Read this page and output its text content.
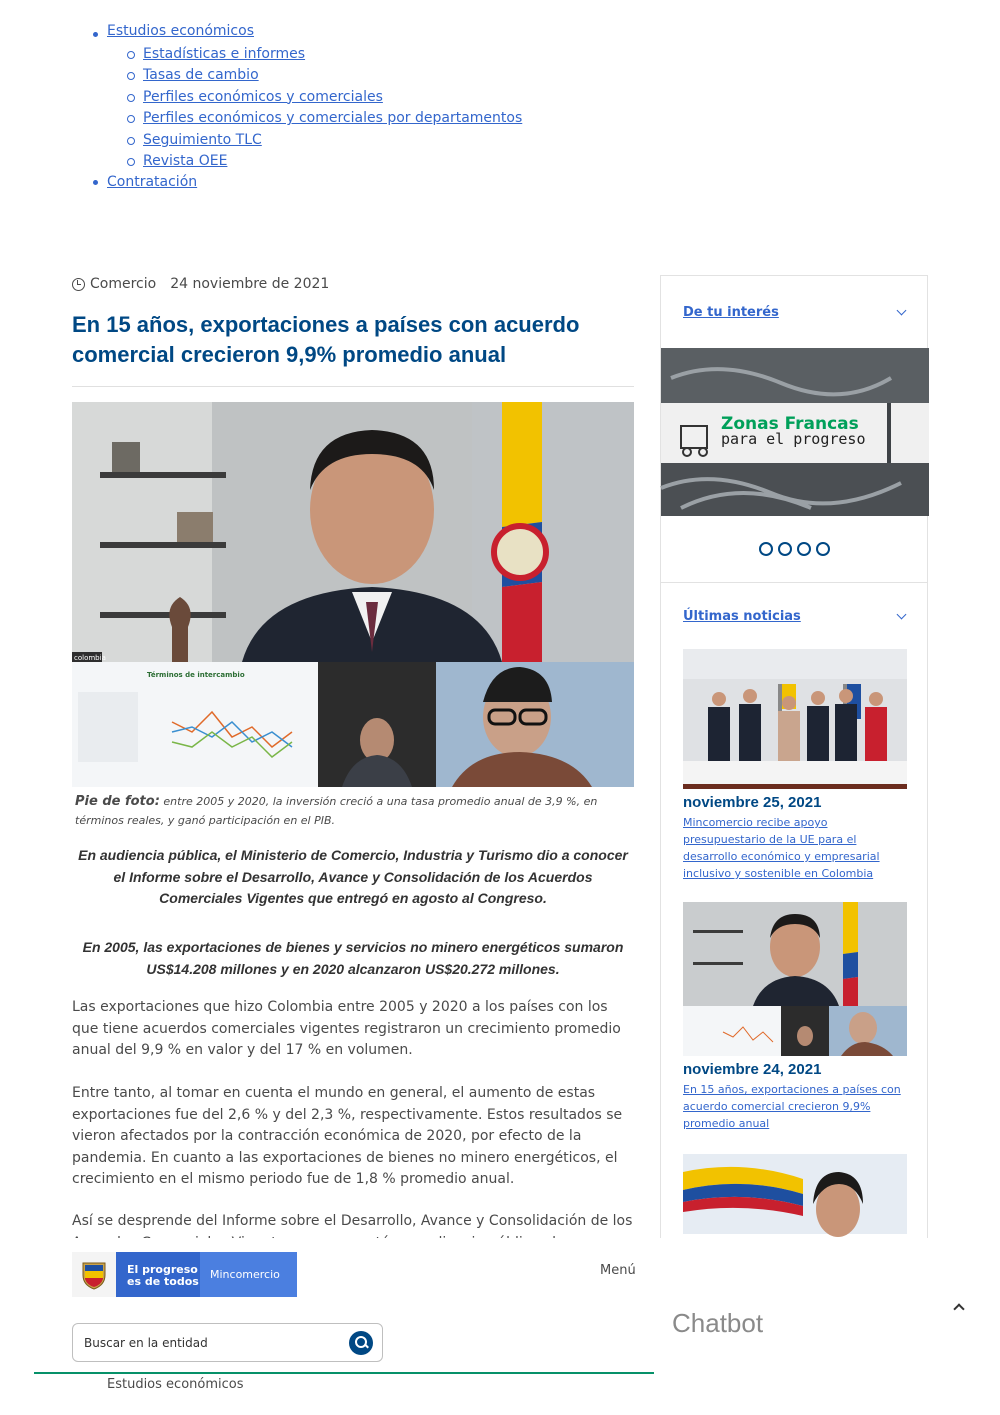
Estudios económicos
Estadísticas e informes
Tasas de cambio
Perfiles económicos y comerciales
Perfiles económicos y comerciales por departamentos
Seguimiento TLC
Revista OEE
Contratación
Comercio 24 noviembre de 2021
En 15 años, exportaciones a países con acuerdo comercial crecieron 9,9% promedio anual
colombia
Términos de intercambio
Pie de foto: entre 2005 y 2020, la inversión creció a una tasa promedio anual de 3,9 %, en términos reales, y ganó participación en el PIB.

En audiencia pública, el Ministerio de Comercio, Industria y Turismo dio a conocer el Informe sobre el Desarrollo, Avance y Consolidación de los Acuerdos Comerciales Vigentes que entregó en agosto al Congreso.

En 2005, las exportaciones de bienes y servicios no minero energéticos sumaron US$14.208 millones y en 2020 alcanzaron US$20.272 millones.

Las exportaciones que hizo Colombia entre 2005 y 2020 a los países con los que tiene acuerdos comerciales vigentes registraron un crecimiento promedio anual del 9,9 % en valor y del 17 % en volumen.

Entre tanto, al tomar en cuenta el mundo en general, el aumento de estas exportaciones fue del 2,6 % y del 2,3 %, respectivamente. Estos resultados se vieron afectados por la contracción económica de 2020, por efecto de la pandemia. En cuanto a las exportaciones de bienes no minero energéticos, el crecimiento en el mismo periodo fue de 1,8 % promedio anual.

Así se desprende del Informe sobre el Desarrollo, Avance y Consolidación de los

De tu interés
Zonas Francas
para el progreso
Últimas noticias
noviembre 25, 2021
Mincomercio recibe apoyo presupuestario de la UE para el desarrollo económico y empresarial inclusivo y sostenible en Colombia
noviembre 24, 2021
En 15 años, exportaciones a países con acuerdo comercial crecieron 9,9% promedio anual
El progreso
es de todos
Mincomercio	Menú
Buscar en la entidad
Chatbot
Estudios económicos
